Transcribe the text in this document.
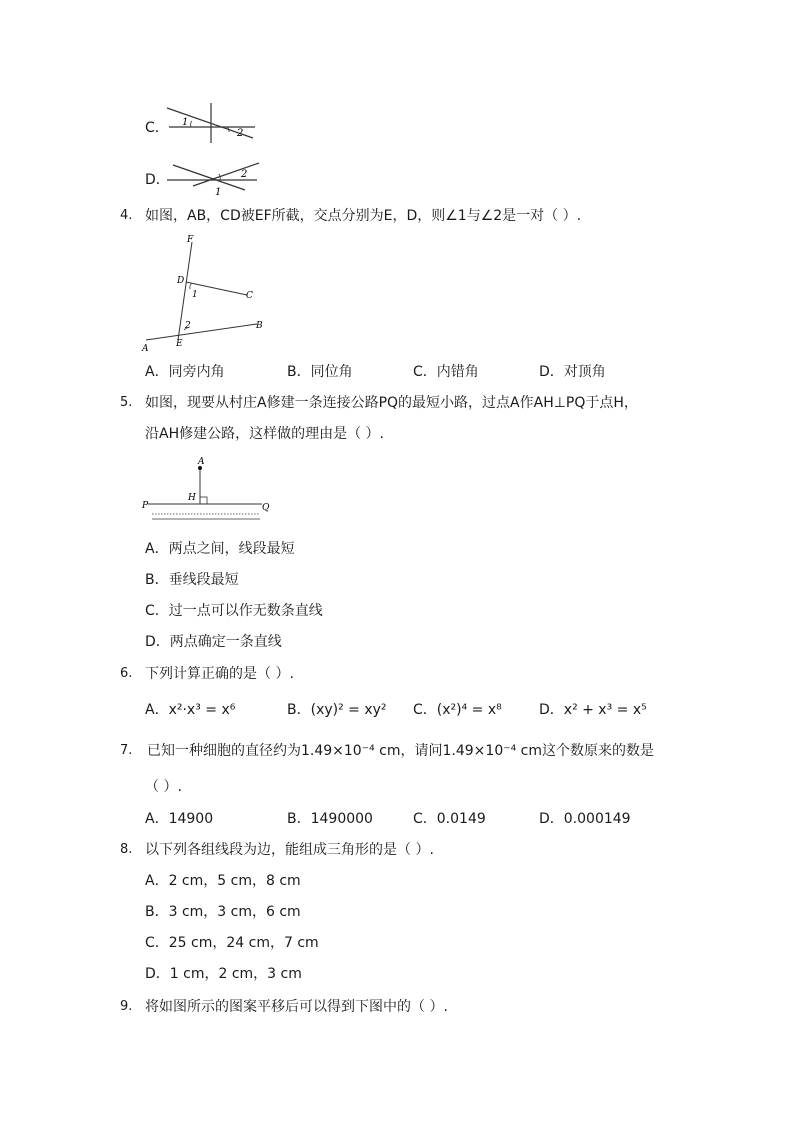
C． 1
2
D．
1
2
4. 如图，AB，CD被EF所截，交点分别为E，D，则∠1与∠2是一对（ ）.
F
D
1	C
2	B
E
A
A．同旁内角	B．同位角	C．内错角	D．对顶角
5. 如图，现要从村庄A修建一条连接公路PQ的最短小路，过点A作AH⊥PQ于点H，
沿AH修建公路，这样做的理由是（ ）.
A
H
P	Q
A．两点之间，线段最短
B．垂线段最短
C．过一点可以作无数条直线
D．两点确定一条直线
6. 下列计算正确的是（ ）.
A．x²·x³ = x⁶	B．(xy)² = xy² C．(x²)⁴ = x⁸	D．x² + x³ = x⁵
7. 已知一种细胞的直径约为1.49×10⁻⁴ cm，请问1.49×10⁻⁴ cm这个数原来的数是
（ ）.
A．14900	B．1490000	C．0.0149	D．0.000149
8. 以下列各组线段为边，能组成三角形的是（ ）.
A．2 cm，5 cm，8 cm
B．3 cm，3 cm，6 cm
C．25 cm，24 cm，7 cm
D．1 cm，2 cm，3 cm
9. 将如图所示的图案平移后可以得到下图中的（ ）.
